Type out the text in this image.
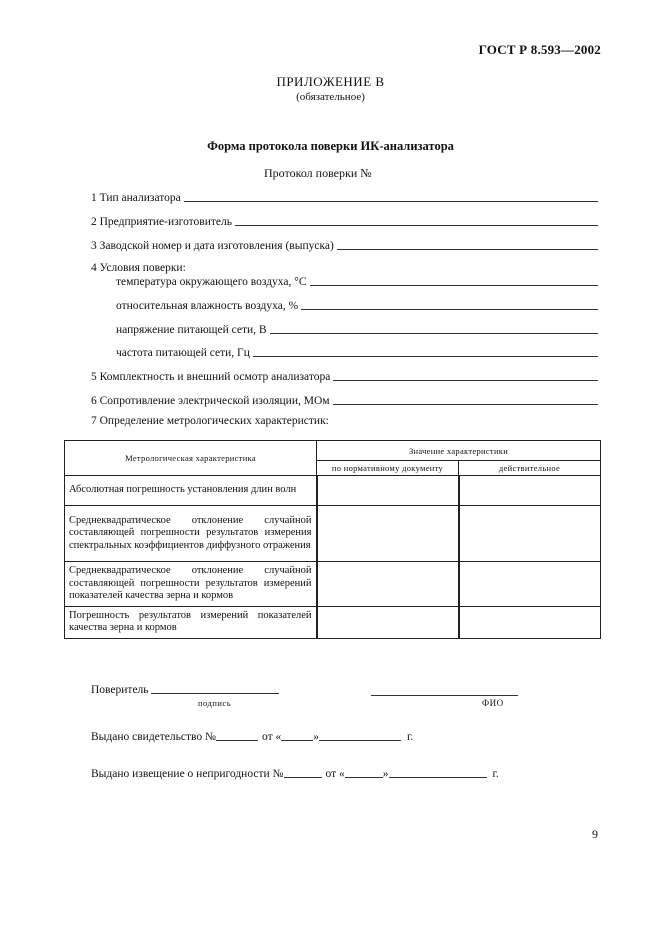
ГОСТ Р 8.593—2002
ПРИЛОЖЕНИЕ В
(обязательное)
Форма протокола поверки ИК-анализатора
Протокол поверки №
1 Тип анализатора
2 Предприятие-изготовитель
3 Заводской номер и дата изготовления (выпуска)
4 Условия поверки:
температура окружающего воздуха, °С
относительная влажность воздуха, %
напряжение питающей сети, В
частота питающей сети, Гц
5 Комплектность и внешний осмотр анализатора
6 Сопротивление электрической изоляции, МОм
7 Определение метрологических характеристик:
Метрологическая характеристика	Значение характеристики	
	по нормативному документу	действительное
Абсолютная погрешность установления длин волн		
Среднеквадратическое отклонение случайной составляющей погрешности результатов измерения спектральных коэффициентов диффузного отражения		
Среднеквадратическое отклонение случайной составляющей погрешности результатов измерений показателей качества зерна и кормов		
Погрешность результатов измерений показателей качества зерна и кормов		
Поверитель
подпись	ФИО
Выдано свидетельство №	от «	»	г.
Выдано извещение о непригодности №	от «	»	г.
9
